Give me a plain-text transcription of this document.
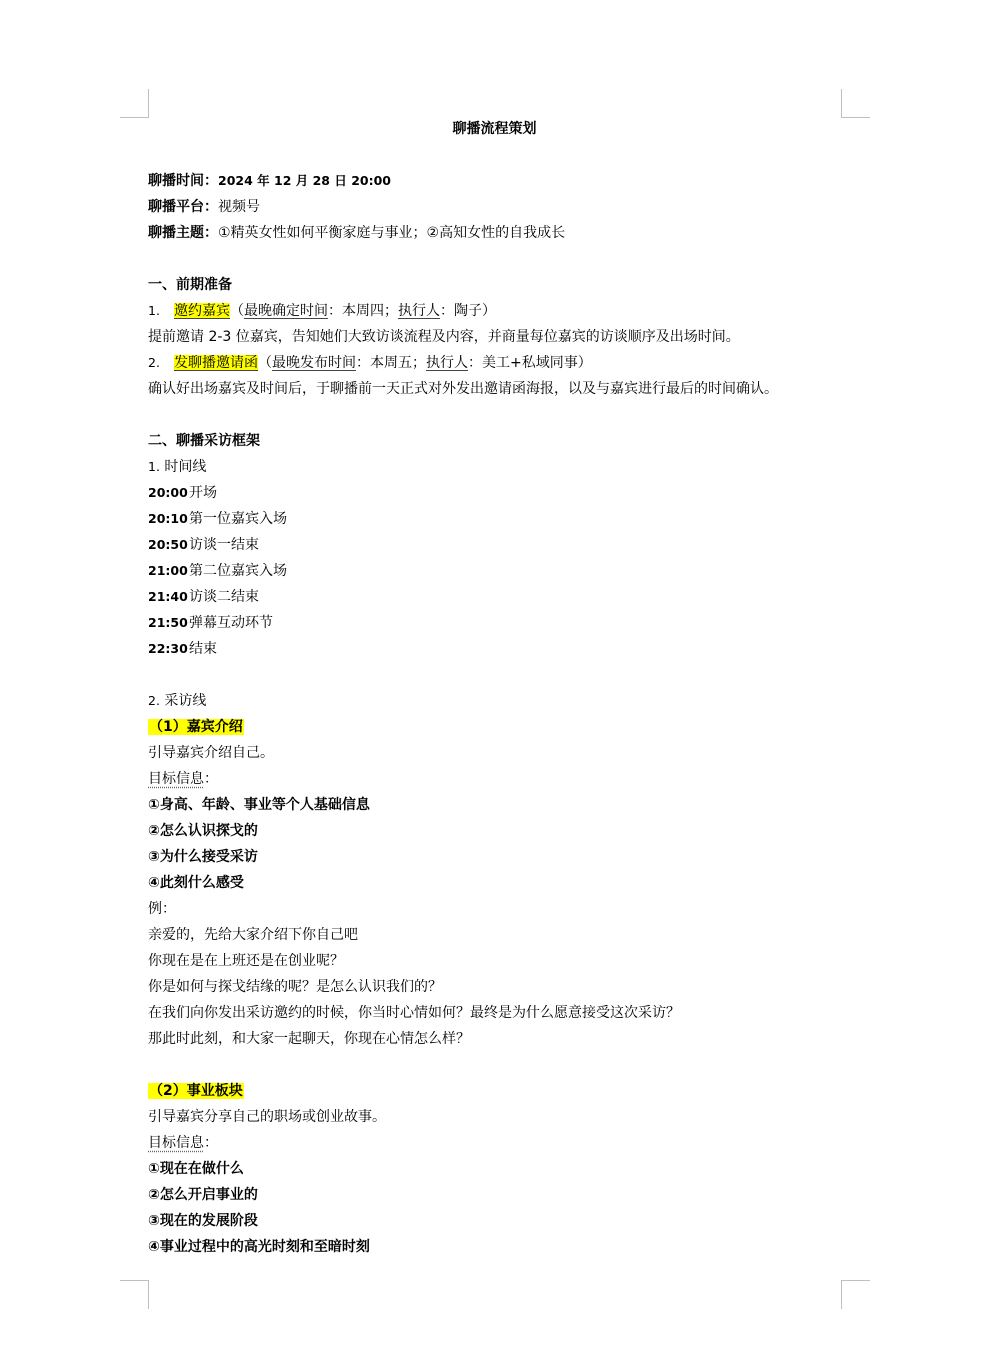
聊播流程策划
聊播时间：2024 年 12 月 28 日 20:00
聊播平台：视频号
聊播主题：①精英女性如何平衡家庭与事业；②高知女性的自我成长
一、前期准备
1. 邀约嘉宾（最晚确定时间：本周四；执行人：陶子）
提前邀请 2-3 位嘉宾，告知她们大致访谈流程及内容，并商量每位嘉宾的访谈顺序及出场时间。
2. 发聊播邀请函（最晚发布时间：本周五；执行人：美工+私域同事）
确认好出场嘉宾及时间后，于聊播前一天正式对外发出邀请函海报，以及与嘉宾进行最后的时间确认。
二、聊播采访框架
1. 时间线
20:00开场
20:10第一位嘉宾入场
20:50访谈一结束
21:00第二位嘉宾入场
21:40访谈二结束
21:50弹幕互动环节
22:30结束
2. 采访线
（1）嘉宾介绍
引导嘉宾介绍自己。
目标信息：
①身高、年龄、事业等个人基础信息
②怎么认识探戈的
③为什么接受采访
④此刻什么感受
例：
亲爱的，先给大家介绍下你自己吧
你现在是在上班还是在创业呢？
你是如何与探戈结缘的呢？是怎么认识我们的？
在我们向你发出采访邀约的时候，你当时心情如何？最终是为什么愿意接受这次采访？
那此时此刻，和大家一起聊天，你现在心情怎么样？
（2）事业板块
引导嘉宾分享自己的职场或创业故事。
目标信息：
①现在在做什么
②怎么开启事业的
③现在的发展阶段
④事业过程中的高光时刻和至暗时刻
